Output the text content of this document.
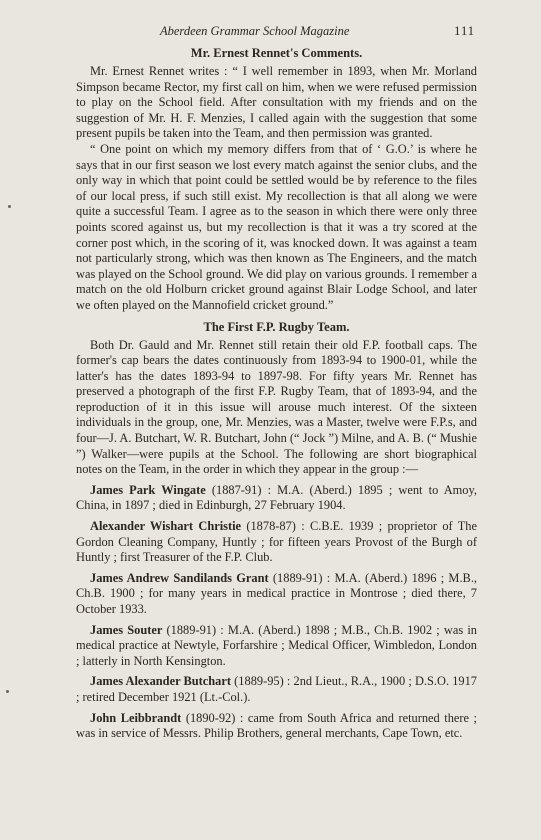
Aberdeen Grammar School Magazine	111
Mr. Ernest Rennet's Comments.

Mr. Ernest Rennet writes : “ I well remember in 1893, when Mr. Morland Simpson became Rector, my first call on him, when we were refused permission to play on the School field. After consultation with my friends and on the suggestion of Mr. H. F. Menzies, I called again with the suggestion that some present pupils be taken into the Team, and then permission was granted.

“ One point on which my memory differs from that of ‘ G.O.’ is where he says that in our first season we lost every match against the senior clubs, and the only way in which that point could be settled would be by reference to the files of our local press, if such still exist. My recollection is that all along we were quite a successful Team. I agree as to the season in which there were only three points scored against us, but my recollection is that it was a try scored at the corner post which, in the scoring of it, was knocked down. It was against a team not particularly strong, which was then known as The Engineers, and the match was played on the School ground. We did play on various grounds. I remember a match on the old Holburn cricket ground against Blair Lodge School, and later we often played on the Mannofield cricket ground.”

The First F.P. Rugby Team.

Both Dr. Gauld and Mr. Rennet still retain their old F.P. football caps. The former's cap bears the dates continuously from 1893-94 to 1900-01, while the latter's has the dates 1893-94 to 1897-98. For fifty years Mr. Rennet has preserved a photograph of the first F.P. Rugby Team, that of 1893-94, and the reproduction of it in this issue will arouse much interest. Of the sixteen individuals in the group, one, Mr. Menzies, was a Master, twelve were F.P.s, and four—J. A. Butchart, W. R. Butchart, John (“ Jock ”) Milne, and A. B. (“ Mushie ”) Walker—were pupils at the School. The following are short biographical notes on the Team, in the order in which they appear in the group :—

James Park Wingate (1887-91) : M.A. (Aberd.) 1895 ; went to Amoy, China, in 1897 ; died in Edinburgh, 27 February 1904.

Alexander Wishart Christie (1878-87) : C.B.E. 1939 ; proprietor of The Gordon Cleaning Company, Huntly ; for fifteen years Provost of the Burgh of Huntly ; first Treasurer of the F.P. Club.

James Andrew Sandilands Grant (1889-91) : M.A. (Aberd.) 1896 ; M.B., Ch.B. 1900 ; for many years in medical practice in Montrose ; died there, 7 October 1933.

James Souter (1889-91) : M.A. (Aberd.) 1898 ; M.B., Ch.B. 1902 ; was in medical practice at Newtyle, Forfarshire ; Medical Officer, Wimbledon, London ; latterly in North Kensington.

James Alexander Butchart (1889-95) : 2nd Lieut., R.A., 1900 ; D.S.O. 1917 ; retired December 1921 (Lt.-Col.).

John Leibbrandt (1890-92) : came from South Africa and returned there ; was in service of Messrs. Philip Brothers, general merchants, Cape Town, etc.
